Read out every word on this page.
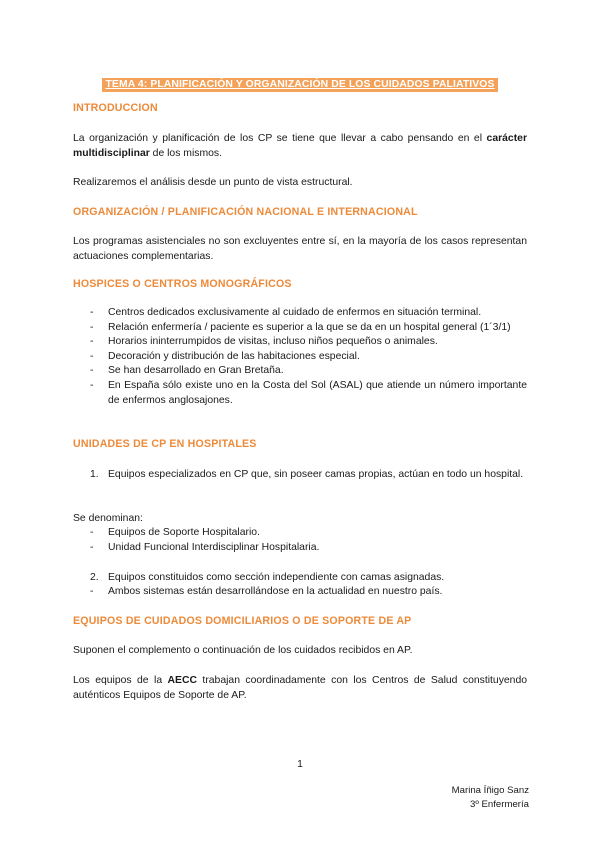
TEMA 4: PLANIFICACIÓN Y ORGANIZACIÓN DE LOS CUIDADOS PALIATIVOS
INTRODUCCION
La organización y planificación de los CP se tiene que llevar a cabo pensando en el carácter multidisciplinar de los mismos.
Realizaremos el análisis desde un punto de vista estructural.
ORGANIZACIÓN / PLANIFICACIÓN NACIONAL E INTERNACIONAL
Los programas asistenciales no son excluyentes entre sí, en la mayoría de los casos representan actuaciones complementarias.
HOSPICES O CENTROS MONOGRÁFICOS
- Centros dedicados exclusivamente al cuidado de enfermos en situación terminal.
- Relación enfermería / paciente es superior a la que se da en un hospital general (1´3/1)
- Horarios ininterrumpidos de visitas, incluso niños pequeños o animales.
- Decoración y distribución de las habitaciones especial.
- Se han desarrollado en Gran Bretaña.
- En España sólo existe uno en la Costa del Sol (ASAL) que atiende un número importante de enfermos anglosajones.
UNIDADES DE CP EN HOSPITALES
1. Equipos especializados en CP que, sin poseer camas propias, actúan en todo un hospital.
Se denominan:
- Equipos de Soporte Hospitalario.
- Unidad Funcional Interdisciplinar Hospitalaria.
2. Equipos constituidos como sección independiente con camas asignadas.
- Ambos sistemas están desarrollándose en la actualidad en nuestro país.
EQUIPOS DE CUIDADOS DOMICILIARIOS O DE SOPORTE DE AP
Suponen el complemento o continuación de los cuidados recibidos en AP.
Los equipos de la AECC trabajan coordinadamente con los Centros de Salud constituyendo auténticos Equipos de Soporte de AP.
1
Marina Íñigo Sanz
3º Enfermería
